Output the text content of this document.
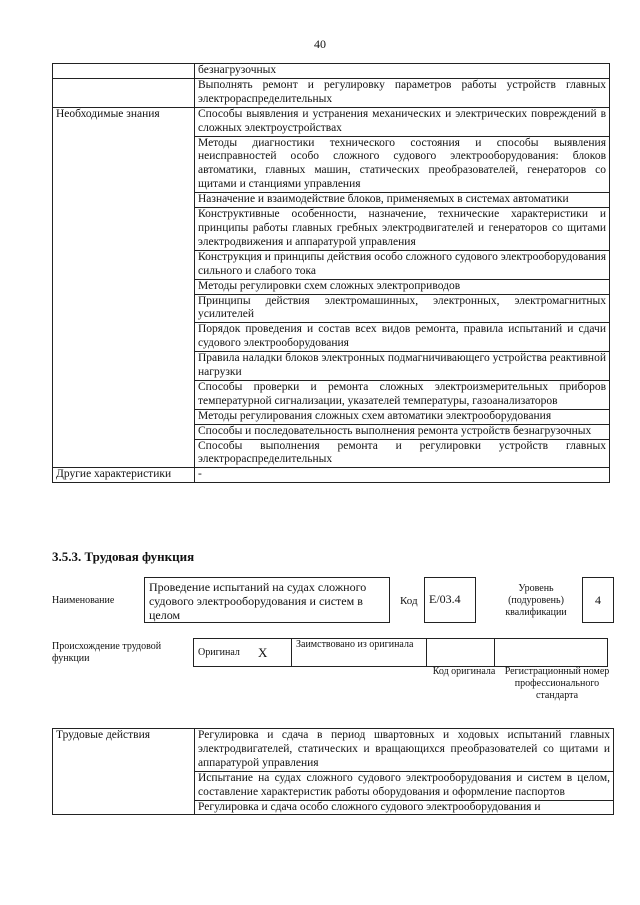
40
	безнагрузочных
	Выполнять ремонт и регулировку параметров работы устройств главных электрораспределительных
Необходимые знания	Способы выявления и устранения механических и электрических повреждений в сложных электроустройствах
	Методы диагностики технического состояния и способы выявления неисправностей особо сложного судового электрооборудования: блоков автоматики, главных машин, статических преобразователей, генераторов со щитами и станциями управления
	Назначение и взаимодействие блоков, применяемых в системах автоматики
	Конструктивные особенности, назначение, технические характеристики и принципы работы главных гребных электродвигателей и генераторов со щитами электродвижения и аппаратурой управления
	Конструкция и принципы действия особо сложного судового электрооборудования сильного и слабого тока
	Методы регулировки схем сложных электроприводов
	Принципы действия электромашинных, электронных, электромагнитных усилителей
	Порядок проведения и состав всех видов ремонта, правила испытаний и сдачи судового электрооборудования
	Правила наладки блоков электронных подмагничивающего устройства реактивной нагрузки
	Способы проверки и ремонта сложных электроизмерительных приборов температурной сигнализации, указателей температуры, газоанализаторов
	Методы регулирования сложных схем автоматики электрооборудования
	Способы и последовательность выполнения ремонта устройств безнагрузочных
	Способы выполнения ремонта и регулировки устройств главных электрораспределительных
Другие характеристики	-
3.5.3. Трудовая функция
Наименование
Проведение испытаний на судах сложного судового электрооборудования и систем в целом
Код E/03.4
Уровень (подуровень) квалификации
4
Происхождение трудовой функции
Оригинал	X	Заимствовано из оригинала		
Код оригинала Регистрационный номер профессионального стандарта
Трудовые действия	Регулировка и сдача в период швартовных и ходовых испытаний главных электродвигателей, статических и вращающихся преобразователей со щитами и аппаратурой управления
Испытание на судах сложного судового электрооборудования и систем в целом, составление характеристик работы оборудования и оформление паспортов
Регулировка и сдача особо сложного судового электрооборудования и
